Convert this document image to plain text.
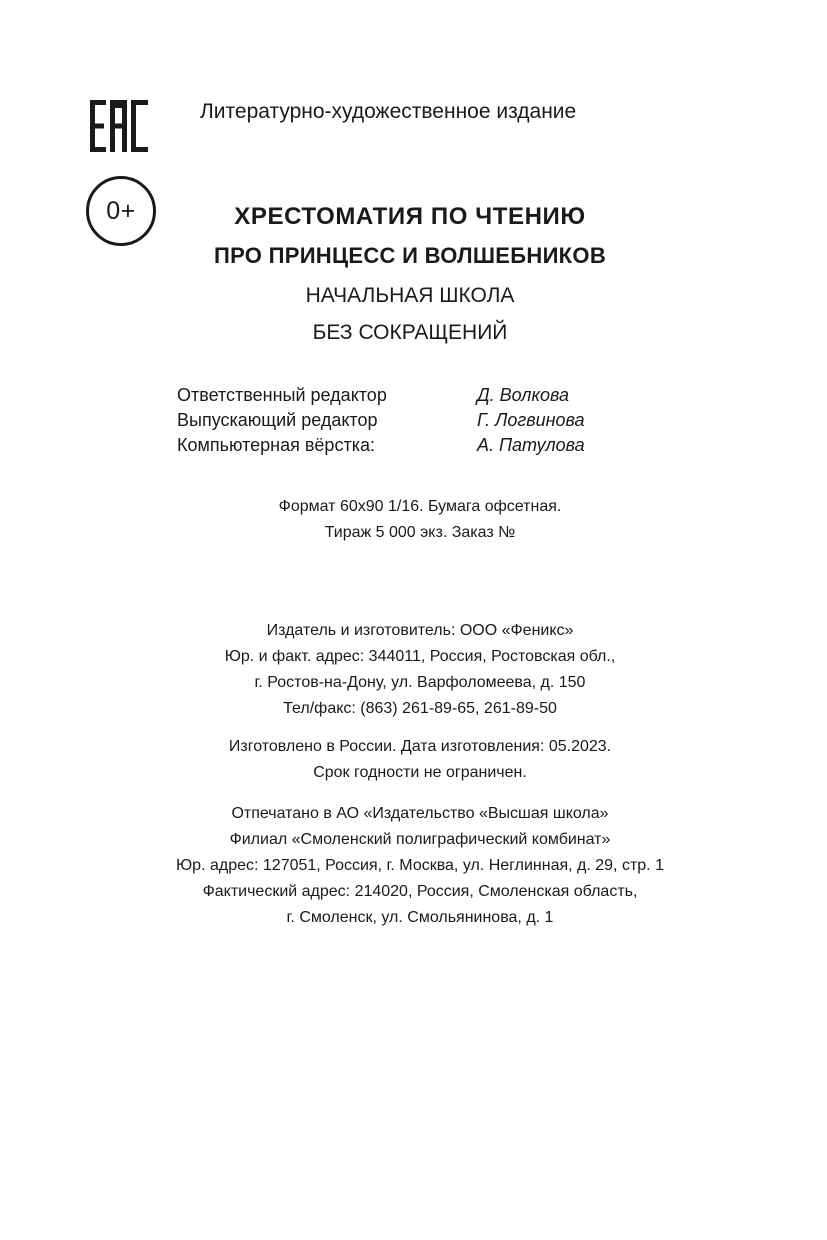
0+
Литературно-художественное издание
ХРЕСТОМАТИЯ ПО ЧТЕНИЮ
ПРО ПРИНЦЕСС И ВОЛШЕБНИКОВ
НАЧАЛЬНАЯ ШКОЛА
БЕЗ СОКРАЩЕНИЙ
Ответственный редактор	Д. Волкова
Выпускающий редактор	Г. Логвинова
Компьютерная вёрстка:	А. Патулова
Формат 60x90 1/16. Бумага офсетная.
Тираж 5 000 экз. Заказ №
Издатель и изготовитель: ООО «Феникс»
Юр. и факт. адрес: 344011, Россия, Ростовская обл.,
г. Ростов-на-Дону, ул. Варфоломеева, д. 150
Тел/факс: (863) 261-89-65, 261-89-50
Изготовлено в России. Дата изготовления: 05.2023.
Срок годности не ограничен.
Отпечатано в АО «Издательство «Высшая школа»
Филиал «Смоленский полиграфический комбинат»
Юр. адрес: 127051, Россия, г. Москва, ул. Неглинная, д. 29, стр. 1
Фактический адрес: 214020, Россия, Смоленская область,
г. Смоленск, ул. Смольянинова, д. 1
